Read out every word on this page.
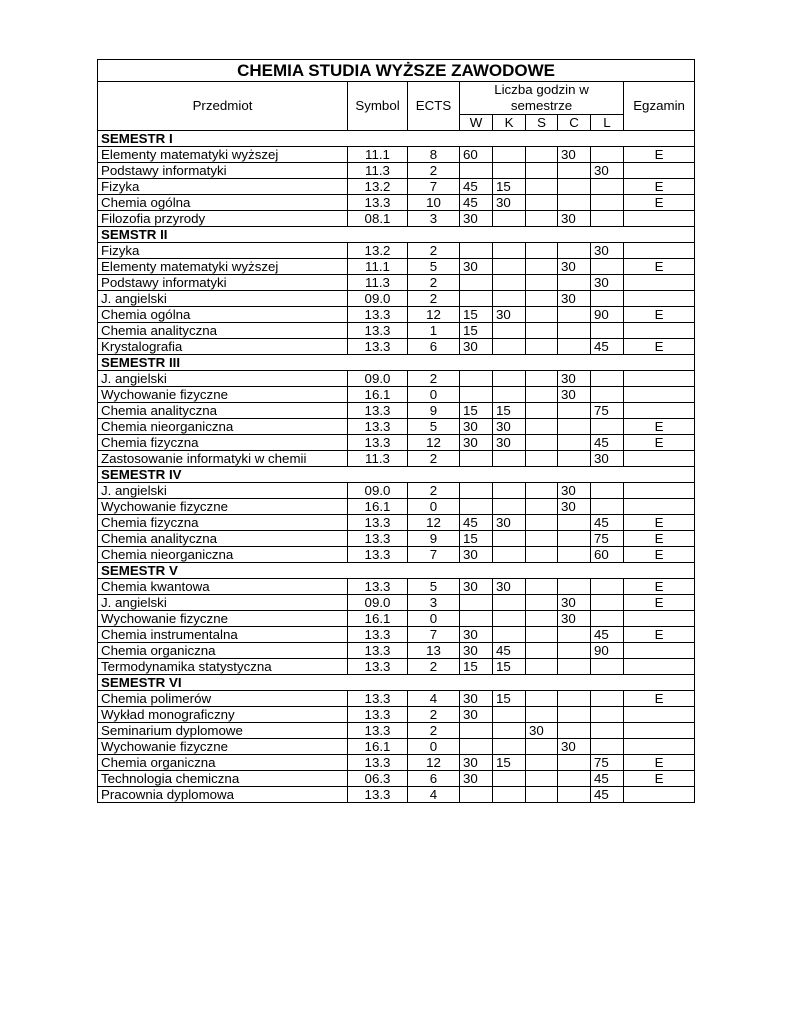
CHEMIA STUDIA WYŻSZE ZAWODOWE								
Przedmiot	Symbol	ECTS	Liczba godzin w semestrze					Egzamin

			W	K	S	C	L	
SEMESTR I								
Elementy matematyki wyższej	11.1	8	60			30		E
Podstawy informatyki	11.3	2					30	
Fizyka	13.2	7	45	15				E
Chemia ogólna	13.3	10	45	30				E
Filozofia przyrody	08.1	3	30			30		
SEMSTR II								
Fizyka	13.2	2					30	
Elementy matematyki wyższej	11.1	5	30			30		E
Podstawy informatyki	11.3	2					30	
J. angielski	09.0	2				30		
Chemia ogólna	13.3	12	15	30			90	E
Chemia analityczna	13.3	1	15					
Krystalografia	13.3	6	30				45	E
SEMESTR III								
J. angielski	09.0	2				30		
Wychowanie fizyczne	16.1	0				30		
Chemia analityczna	13.3	9	15	15			75	
Chemia nieorganiczna	13.3	5	30	30				E
Chemia fizyczna	13.3	12	30	30			45	E
Zastosowanie informatyki w chemii	11.3	2					30	
SEMESTR IV								
J. angielski	09.0	2				30		
Wychowanie fizyczne	16.1	0				30		
Chemia fizyczna	13.3	12	45	30			45	E
Chemia analityczna	13.3	9	15				75	E
Chemia nieorganiczna	13.3	7	30				60	E
SEMESTR V								
Chemia kwantowa	13.3	5	30	30				E
J. angielski	09.0	3				30		E
Wychowanie fizyczne	16.1	0				30		
Chemia instrumentalna	13.3	7	30				45	E
Chemia organiczna	13.3	13	30	45			90	
Termodynamika statystyczna	13.3	2	15	15				
SEMESTR VI								
Chemia polimerów	13.3	4	30	15				E
Wykład monograficzny	13.3	2	30					
Seminarium dyplomowe	13.3	2			30			
Wychowanie fizyczne	16.1	0				30		
Chemia organiczna	13.3	12	30	15			75	E
Technologia chemiczna	06.3	6	30				45	E
Pracownia dyplomowa	13.3	4					45	
